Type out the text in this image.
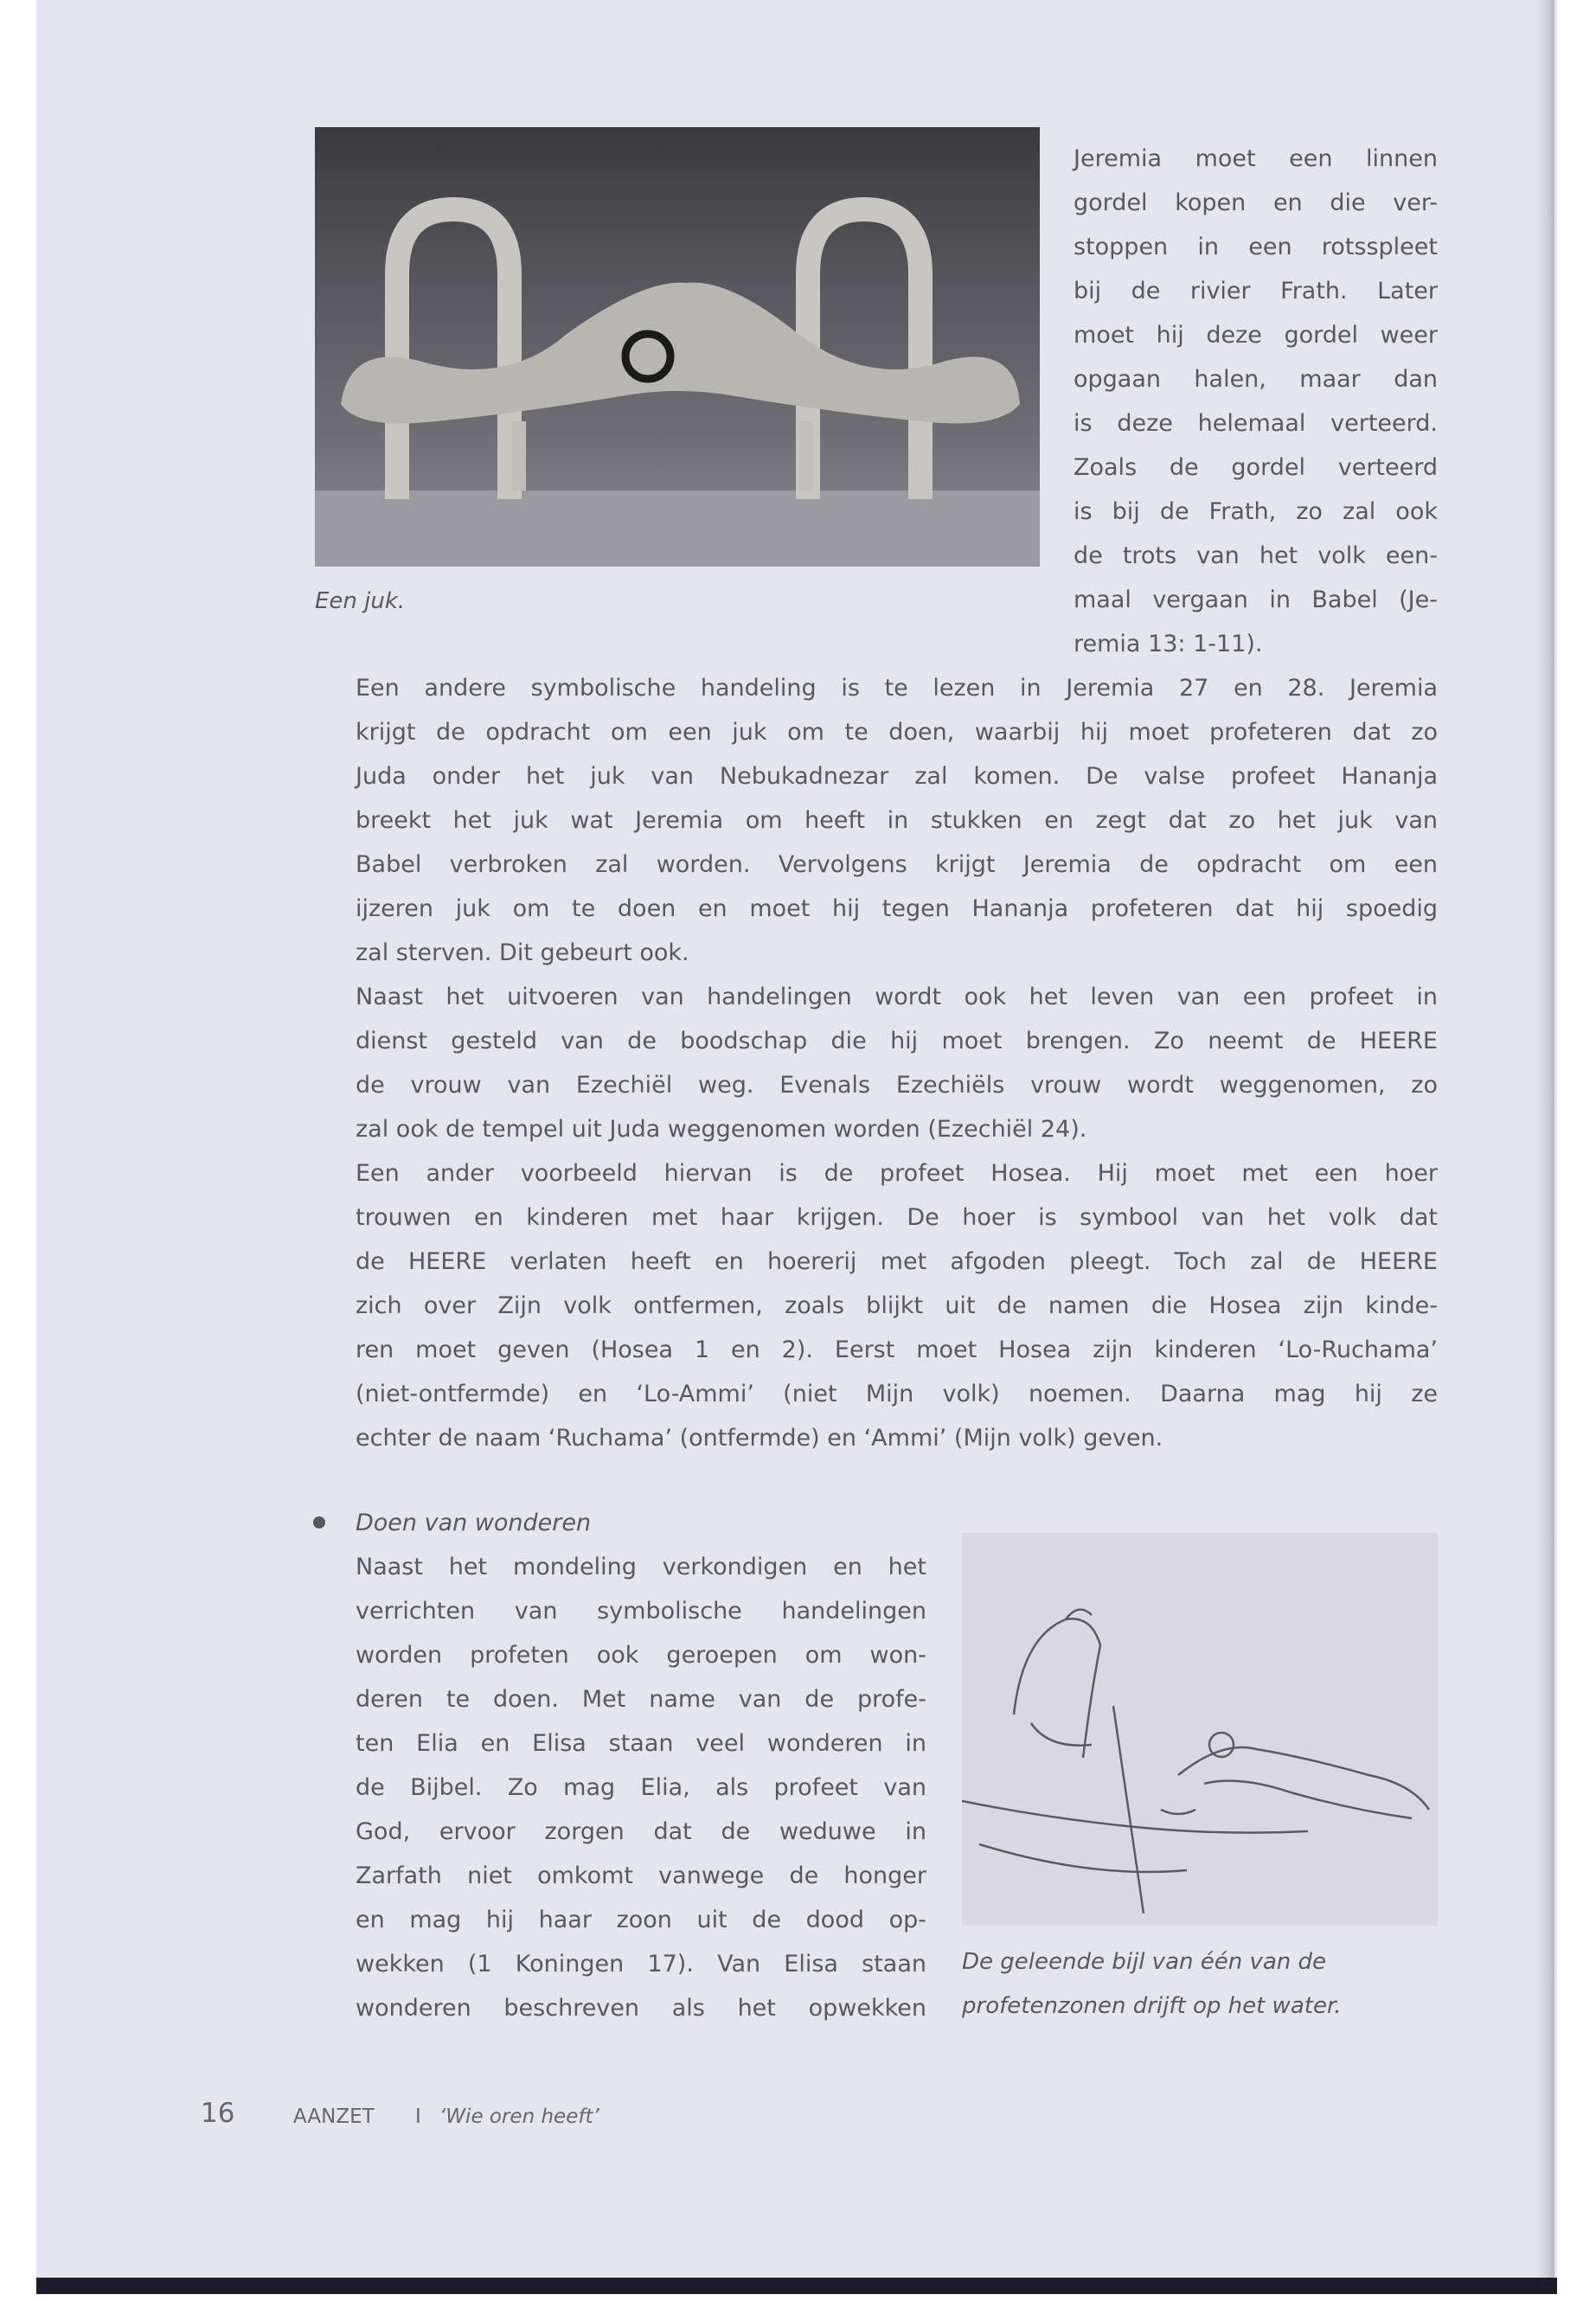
Een juk.
Jeremia moet een linnen
gordel kopen en die ver-
stoppen in een rotsspleet
bij de rivier Frath. Later
moet hij deze gordel weer
opgaan halen, maar dan
is deze helemaal verteerd.
Zoals de gordel verteerd
is bij de Frath, zo zal ook
de trots van het volk een-
maal vergaan in Babel (Je-
remia 13: 1-11).
Een andere symbolische handeling is te lezen in Jeremia 27 en 28. Jeremia
krijgt de opdracht om een juk om te doen, waarbij hij moet profeteren dat zo
Juda onder het juk van Nebukadnezar zal komen. De valse profeet Hananja
breekt het juk wat Jeremia om heeft in stukken en zegt dat zo het juk van
Babel verbroken zal worden. Vervolgens krijgt Jeremia de opdracht om een
ijzeren juk om te doen en moet hij tegen Hananja profeteren dat hij spoedig
zal sterven. Dit gebeurt ook.
Naast het uitvoeren van handelingen wordt ook het leven van een profeet in
dienst gesteld van de boodschap die hij moet brengen. Zo neemt de HEERE
de vrouw van Ezechiël weg. Evenals Ezechiëls vrouw wordt weggenomen, zo
zal ook de tempel uit Juda weggenomen worden (Ezechiël 24).
Een ander voorbeeld hiervan is de profeet Hosea. Hij moet met een hoer
trouwen en kinderen met haar krijgen. De hoer is symbool van het volk dat
de HEERE verlaten heeft en hoererij met afgoden pleegt. Toch zal de HEERE
zich over Zijn volk ontfermen, zoals blijkt uit de namen die Hosea zijn kinde-
ren moet geven (Hosea 1 en 2). Eerst moet Hosea zijn kinderen ‘Lo-Ruchama’
(niet-ontfermde) en ‘Lo-Ammi’ (niet Mijn volk) noemen. Daarna mag hij ze
echter de naam ‘Ruchama’ (ontfermde) en ‘Ammi’ (Mijn volk) geven.
Doen van wonderen
Naast het mondeling verkondigen en het
verrichten van symbolische handelingen
worden profeten ook geroepen om won-
deren te doen. Met name van de profe-
ten Elia en Elisa staan veel wonderen in
de Bijbel. Zo mag Elia, als profeet van
God, ervoor zorgen dat de weduwe in
Zarfath niet omkomt vanwege de honger
en mag hij haar zoon uit de dood op-
wekken (1 Koningen 17). Van Elisa staan
wonderen beschreven als het opwekken
De geleende bijl van één van de
profetenzonen drijft op het water.
16	AANZET I ‘Wie oren heeft’
